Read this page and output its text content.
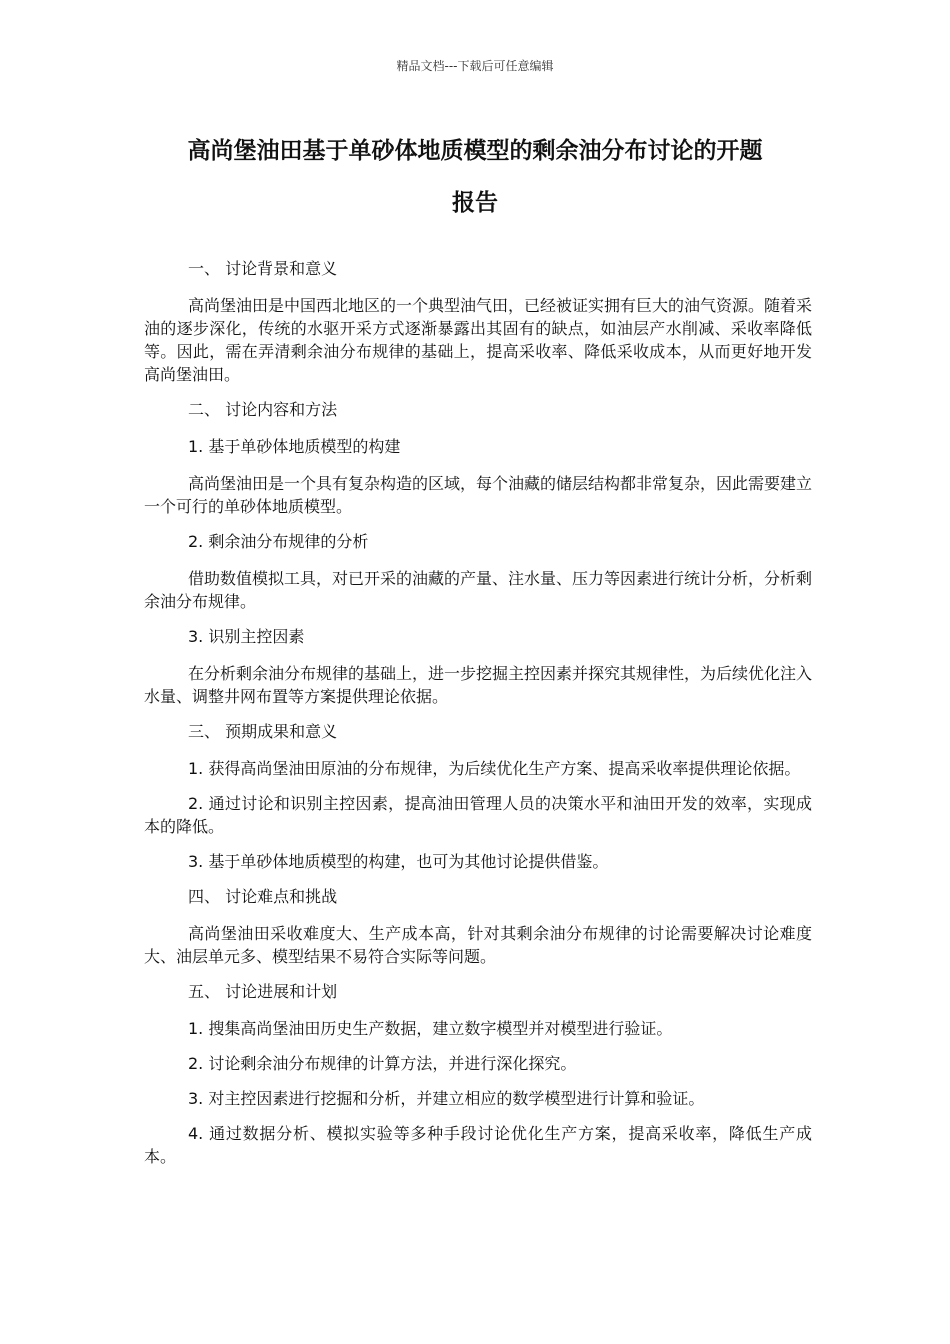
精品文档---下载后可任意编辑
高尚堡油田基于单砂体地质模型的剩余油分布讨论的开题
报告

一、 讨论背景和意义

高尚堡油田是中国西北地区的一个典型油气田，已经被证实拥有巨大的油气资源。随着采油的逐步深化，传统的水驱开采方式逐渐暴露出其固有的缺点，如油层产水削减、采收率降低等。因此，需在弄清剩余油分布规律的基础上，提高采收率、降低采收成本，从而更好地开发高尚堡油田。

二、 讨论内容和方法

1. 基于单砂体地质模型的构建

高尚堡油田是一个具有复杂构造的区域，每个油藏的储层结构都非常复杂，因此需要建立一个可行的单砂体地质模型。

2. 剩余油分布规律的分析

借助数值模拟工具，对已开采的油藏的产量、注水量、压力等因素进行统计分析，分析剩余油分布规律。

3. 识别主控因素

在分析剩余油分布规律的基础上，进一步挖掘主控因素并探究其规律性，为后续优化注入水量、调整井网布置等方案提供理论依据。

三、 预期成果和意义

1. 获得高尚堡油田原油的分布规律，为后续优化生产方案、提高采收率提供理论依据。

2. 通过讨论和识别主控因素，提高油田管理人员的决策水平和油田开发的效率，实现成本的降低。

3. 基于单砂体地质模型的构建，也可为其他讨论提供借鉴。

四、 讨论难点和挑战

高尚堡油田采收难度大、生产成本高，针对其剩余油分布规律的讨论需要解决讨论难度大、油层单元多、模型结果不易符合实际等问题。

五、 讨论进展和计划

1. 搜集高尚堡油田历史生产数据，建立数字模型并对模型进行验证。

2. 讨论剩余油分布规律的计算方法，并进行深化探究。

3. 对主控因素进行挖掘和分析，并建立相应的数学模型进行计算和验证。

4. 通过数据分析、模拟实验等多种手段讨论优化生产方案，提高采收率，降低生产成本。
